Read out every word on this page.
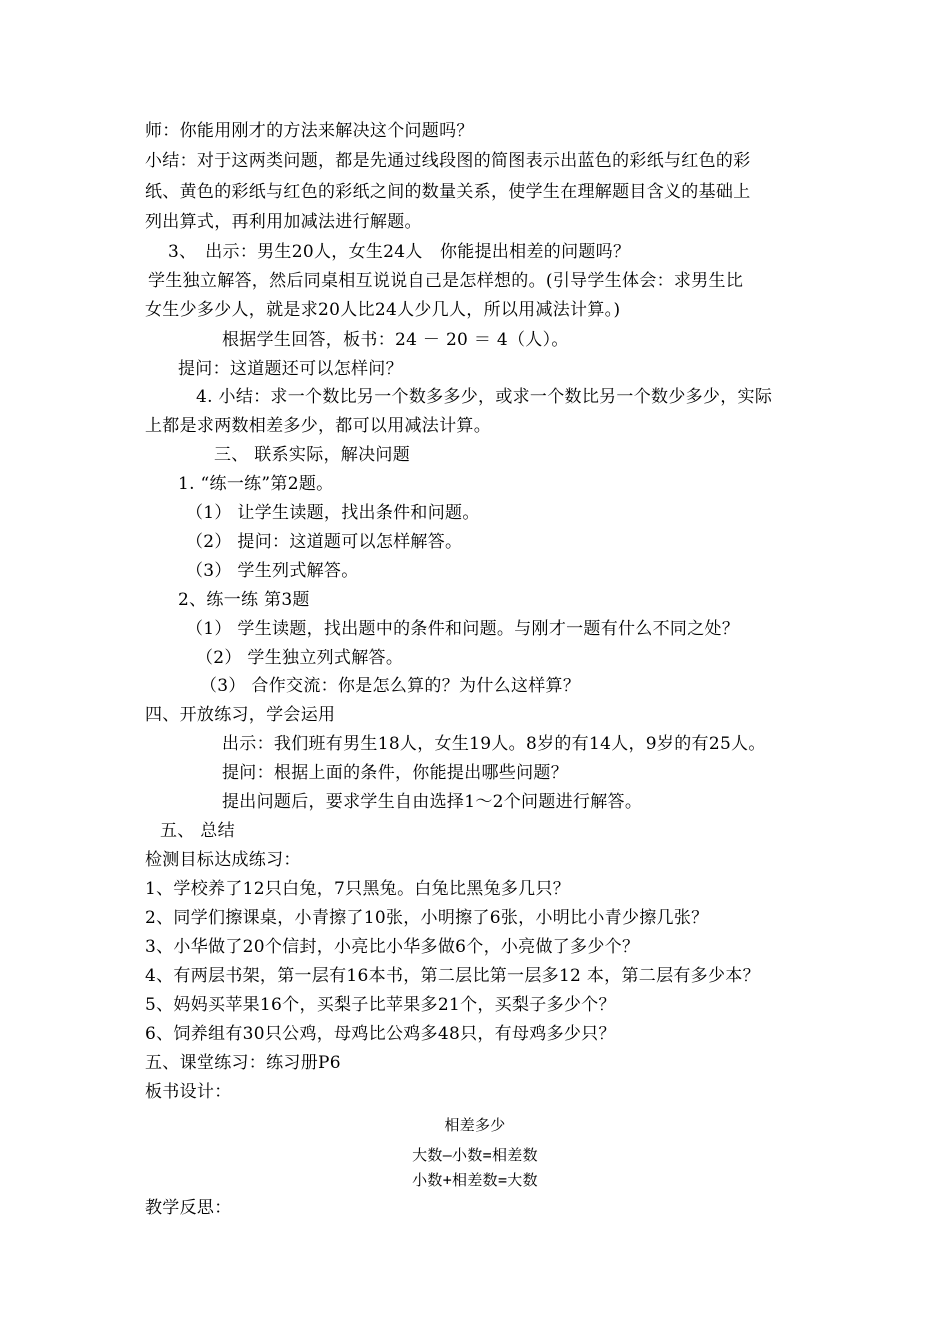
师：你能用刚才的方法来解决这个问题吗？
小结：对于这两类问题，都是先通过线段图的简图表示出蓝色的彩纸与红色的彩
纸、黄色的彩纸与红色的彩纸之间的数量关系，使学生在理解题目含义的基础上
列出算式，再利用加减法进行解题。
3、　出示：男生20人，女生24人　你能提出相差的问题吗？
学生独立解答，然后同桌相互说说自己是怎样想的。(引导学生体会：求男生比
女生少多少人，就是求20人比24人少几人，所以用减法计算。)
根据学生回答，板书：24 － 20 ＝ 4（人）。
提问：这道题还可以怎样问？
4. 小结：求一个数比另一个数多多少，或求一个数比另一个数少多少，实际
上都是求两数相差多少，都可以用减法计算。
三、 联系实际，解决问题
1. “练一练”第2题。
（1） 让学生读题，找出条件和问题。
（2） 提问：这道题可以怎样解答。
（3） 学生列式解答。
2、练一练 第3题
（1） 学生读题，找出题中的条件和问题。与刚才一题有什么不同之处？
（2） 学生独立列式解答。
（3） 合作交流：你是怎么算的？为什么这样算？
四、开放练习，学会运用
出示：我们班有男生18人，女生19人。8岁的有14人，9岁的有25人。
提问：根据上面的条件，你能提出哪些问题？
提出问题后，要求学生自由选择1～2个问题进行解答。
五、 总结
检测目标达成练习：
1、学校养了12只白兔，7只黑兔。白兔比黑兔多几只？
2、同学们擦课桌，小青擦了10张，小明擦了6张，小明比小青少擦几张？
3、小华做了20个信封，小亮比小华多做6个，小亮做了多少个？
4、有两层书架，第一层有16本书，第二层比第一层多12 本，第二层有多少本？
5、妈妈买苹果16个，买梨子比苹果多21个，买梨子多少个？
6、饲养组有30只公鸡，母鸡比公鸡多48只，有母鸡多少只？
五、课堂练习：练习册P6
板书设计：
相差多少
大数—小数=相差数
小数+相差数=大数
教学反思：
